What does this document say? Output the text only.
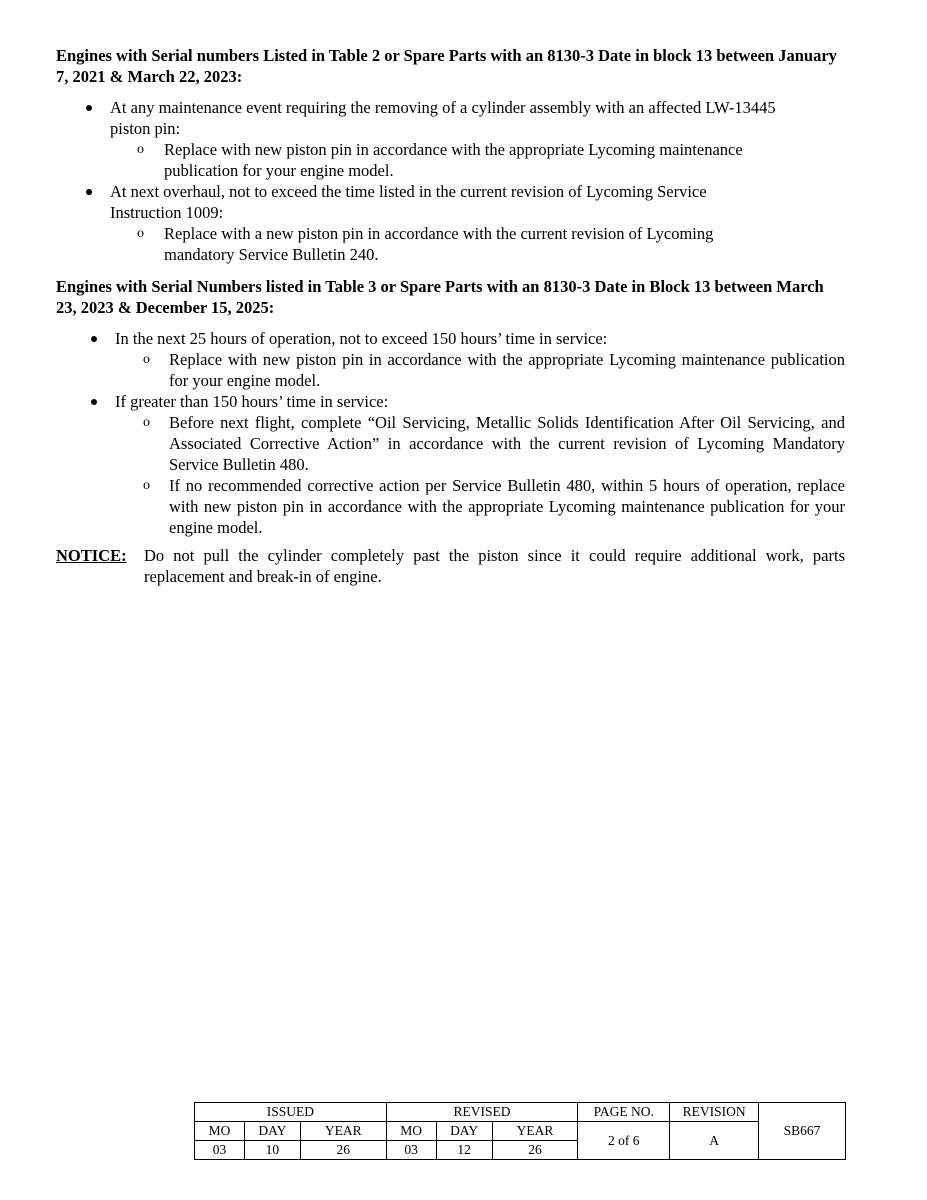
Engines with Serial numbers Listed in Table 2 or Spare Parts with an 8130-3 Date in block 13 between January 7, 2021 & March 22, 2023:
At any maintenance event requiring the removing of a cylinder assembly with an affected LW-13445
piston pin:
o Replace with new piston pin in accordance with the appropriate Lycoming maintenance
publication for your engine model.
At next overhaul, not to exceed the time listed in the current revision of Lycoming Service
Instruction 1009:
o Replace with a new piston pin in accordance with the current revision of Lycoming
mandatory Service Bulletin 240.
Engines with Serial Numbers listed in Table 3 or Spare Parts with an 8130-3 Date in Block 13 between March 23, 2023 & December 15, 2025:
In the next 25 hours of operation, not to exceed 150 hours’ time in service:
o Replace with new piston pin in accordance with the appropriate Lycoming maintenance publication for your engine model.
If greater than 150 hours’ time in service:
o Before next flight, complete “Oil Servicing, Metallic Solids Identification After Oil Servicing, and Associated Corrective Action” in accordance with the current revision of Lycoming Mandatory Service Bulletin 480.
o If no recommended corrective action per Service Bulletin 480, within 5 hours of operation, replace with new piston pin in accordance with the appropriate Lycoming maintenance publication for your engine model.
NOTICE: Do not pull the cylinder completely past the piston since it could require additional work, parts replacement and break-in of engine.
ISSUED			REVISED			PAGE NO.	REVISION	SB667
MO	DAY	YEAR	MO	DAY	YEAR	2 of 6	A	
03	10	26	03	12	26			
